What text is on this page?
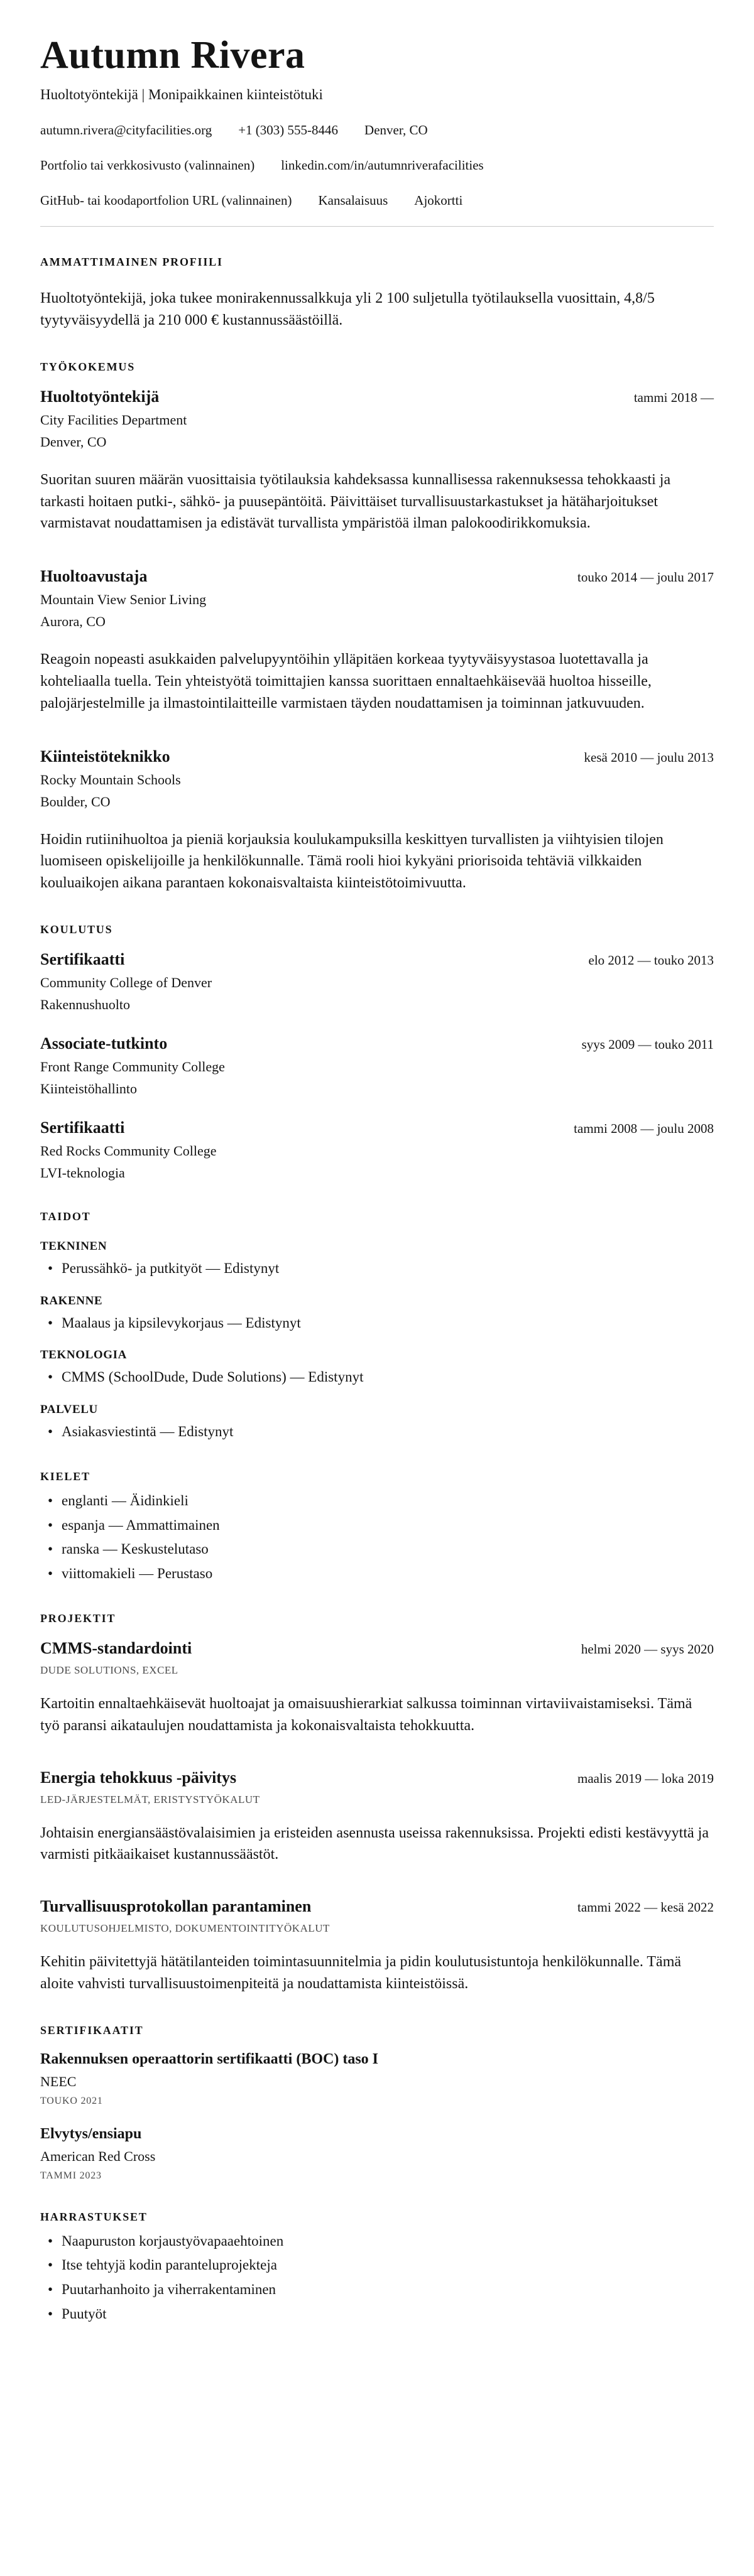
Autumn Rivera
Huoltotyöntekijä | Monipaikkainen kiinteistötuki
autumn.rivera@cityfacilities.org +1 (303) 555-8446 Denver, CO
Portfolio tai verkkosivusto (valinnainen) linkedin.com/in/autumnriverafacilities
GitHub- tai koodaportfolion URL (valinnainen) Kansalaisuus Ajokortti
AMMATTIMAINEN PROFIILI

Huoltotyöntekijä, joka tukee monirakennussalkkuja yli 2 100 suljetulla työtilauksella vuosittain, 4,8/5 tyytyväisyydellä ja 210 000 € kustannussäästöillä.

TYÖKOKEMUS
Huoltotyöntekijä	tammi 2018 —
City Facilities Department
Denver, CO

Suoritan suuren määrän vuosittaisia työtilauksia kahdeksassa kunnallisessa rakennuksessa tehokkaasti ja tarkasti hoitaen putki-, sähkö- ja puusepäntöitä. Päivittäiset turvallisuustarkastukset ja hätäharjoitukset varmistavat noudattamisen ja edistävät turvallista ympäristöä ilman palokoodirikkomuksia.

Huoltoavustaja	touko 2014 — joulu 2017
Mountain View Senior Living
Aurora, CO

Reagoin nopeasti asukkaiden palvelupyyntöihin ylläpitäen korkeaa tyytyväisyystasoa luotettavalla ja kohteliaalla tuella. Tein yhteistyötä toimittajien kanssa suorittaen ennaltaehkäisevää huoltoa hisseille, palojärjestelmille ja ilmastointilaitteille varmistaen täyden noudattamisen ja toiminnan jatkuvuuden.

Kiinteistöteknikko	kesä 2010 — joulu 2013
Rocky Mountain Schools
Boulder, CO

Hoidin rutiinihuoltoa ja pieniä korjauksia koulukampuksilla keskittyen turvallisten ja viihtyisien tilojen luomiseen opiskelijoille ja henkilökunnalle. Tämä rooli hioi kykyäni priorisoida tehtäviä vilkkaiden kouluaikojen aikana parantaen kokonaisvaltaista kiinteistötoimivuutta.

KOULUTUS
Sertifikaatti	elo 2012 — touko 2013
Community College of Denver
Rakennushuolto
Associate-tutkinto	syys 2009 — touko 2011
Front Range Community College
Kiinteistöhallinto
Sertifikaatti	tammi 2008 — joulu 2008
Red Rocks Community College
LVI-teknologia
TAIDOT
TEKNINEN
• Perussähkö- ja putkityöt — Edistynyt
RAKENNE
• Maalaus ja kipsilevykorjaus — Edistynyt
TEKNOLOGIA
• CMMS (SchoolDude, Dude Solutions) — Edistynyt
PALVELU
• Asiakasviestintä — Edistynyt
KIELET
• englanti — Äidinkieli
• espanja — Ammattimainen
• ranska — Keskustelutaso
• viittomakieli — Perustaso
PROJEKTIT
CMMS-standardointi	helmi 2020 — syys 2020
DUDE SOLUTIONS, EXCEL

Kartoitin ennaltaehkäisevät huoltoajat ja omaisuushierarkiat salkussa toiminnan virtaviivaistamiseksi. Tämä työ paransi aikataulujen noudattamista ja kokonaisvaltaista tehokkuutta.

Energia tehokkuus -päivitys	maalis 2019 — loka 2019
LED-JÄRJESTELMÄT, ERISTYSTYÖKALUT

Johtaisin energiansäästövalaisimien ja eristeiden asennusta useissa rakennuksissa. Projekti edisti kestävyyttä ja varmisti pitkäaikaiset kustannussäästöt.

Turvallisuusprotokollan parantaminen	tammi 2022 — kesä 2022
KOULUTUSOHJELMISTO, DOKUMENTOINTITYÖKALUT

Kehitin päivitettyjä hätätilanteiden toimintasuunnitelmia ja pidin koulutusistuntoja henkilökunnalle. Tämä aloite vahvisti turvallisuustoimenpiteitä ja noudattamista kiinteistöissä.

SERTIFIKAATIT
Rakennuksen operaattorin sertifikaatti (BOC) taso I
NEEC
TOUKO 2021
Elvytys/ensiapu
American Red Cross
TAMMI 2023
HARRASTUKSET
• Naapuruston korjaustyövapaaehtoinen
• Itse tehtyjä kodin paranteluprojekteja
• Puutarhanhoito ja viherrakentaminen
• Puutyöt
